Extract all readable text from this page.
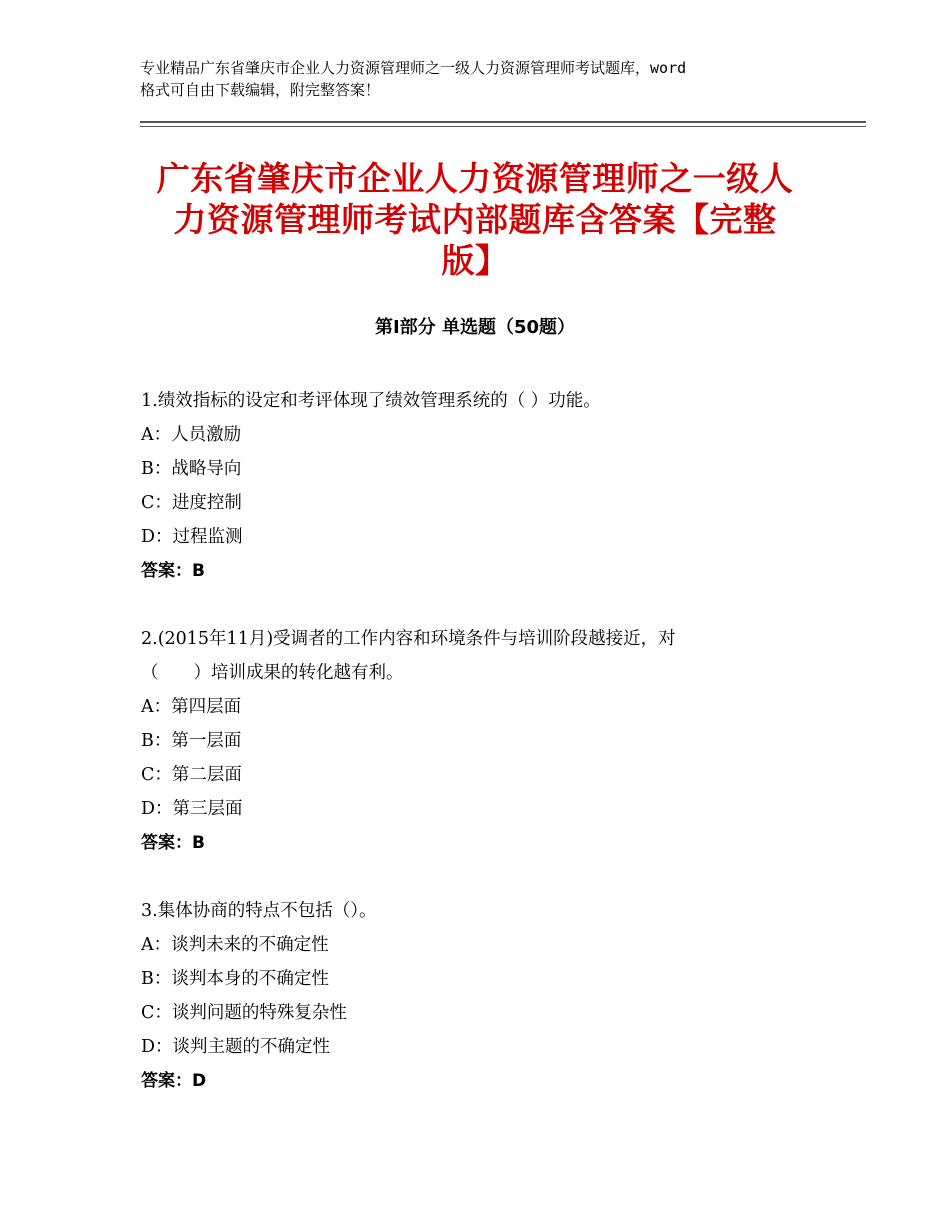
专业精品广东省肇庆市企业人力资源管理师之一级人力资源管理师考试题库，word
格式可自由下载编辑，附完整答案！
广东省肇庆市企业人力资源管理师之一级人
力资源管理师考试内部题库含答案【完整
版】
第Ⅰ部分 单选题（50题）
1.绩效指标的设定和考评体现了绩效管理系统的（ ）功能。
A：人员激励
B：战略导向
C：进度控制
D：过程监测
答案：B
2.(2015年11月)受调者的工作内容和环境条件与培训阶段越接近，对
（　　）培训成果的转化越有利。
A：第四层面
B：第一层面
C：第二层面
D：第三层面
答案：B
3.集体协商的特点不包括（）。
A：谈判未来的不确定性
B：谈判本身的不确定性
C：谈判问题的特殊复杂性
D：谈判主题的不确定性
答案：D
